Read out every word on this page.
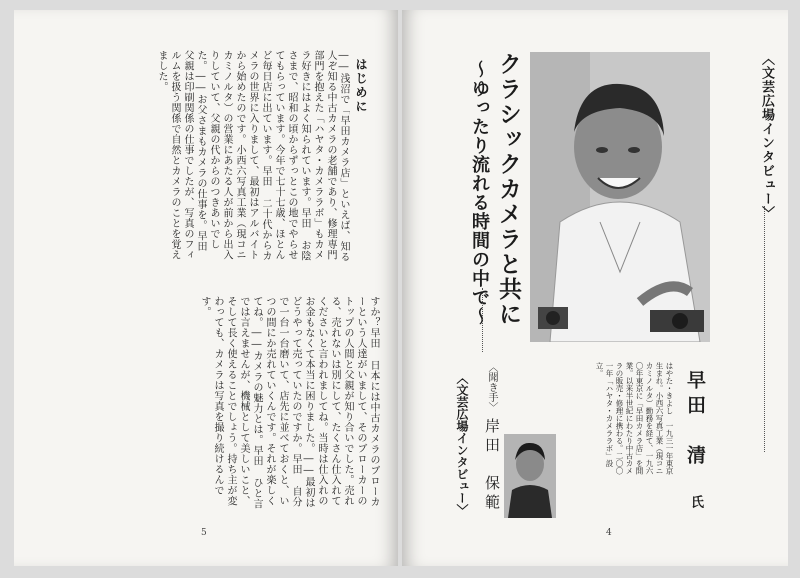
はじめに

――浅沼で「早田カメラ店」といえば、知る人ぞ知る中古カメラの老舗であり、修理専門部門を抱えた「ハヤタ・カメララボ」もカメラ好きにはよく知られています。早田 お陰さまで、昭和の頃からずっとこの地でやらせてもらっています。今年で七十七歳、ほとんど毎日店に出ています。早田 二十代からカメラの世界に入りまして、最初はアルバイトから始めたのです。小西六写真工業（現コニカミノルタ）の営業にあたる人が前から出入りしていて、父親の代からのつきあいでした。――お父さまもカメラの仕事を。早田 父親は印刷関係の仕事でしたが、写真のフィルムを扱う関係で自然とカメラのことを覚えました。

すか？早田 日本には中古カメラのブローカーという人達がいまして、そのブローカーのトップの人間と父親が知り合いでした。売れる、売れないは別にして、たくさん仕入れてくださいと言われましてね。当時は仕入れのお金もなくて本当に困りました。――最初はどうやって売っていたのですか。早田 自分で一台一台磨いて、店先に並べておくと、いつの間にか売れていくんです。それが楽しくてね。――カメラの魅力とは。早田 ひと言では言えませんが、機械として美しいこと、そして長く使えることでしょう。持ち主が変わっても、カメラは写真を撮り続けるんです。

5
〈文芸広場インタビュー〉
クラシックカメラと共に
〜ゆったり流れる時間の中で〜
早田　清
氏

はやた・きよし　一九三一年東京生まれ。小西六写真工業（現コニカミノルタ）勤務を経て、一九六〇年東京に「早田カメラ店」を開業。以来半世紀にわたり中古カメラの販売・修理に携わる。二〇〇一年「ハヤタ・カメララボ」設立。

〈聞き手〉
岸田　保範
〈文芸広場インタビュー〉
4
